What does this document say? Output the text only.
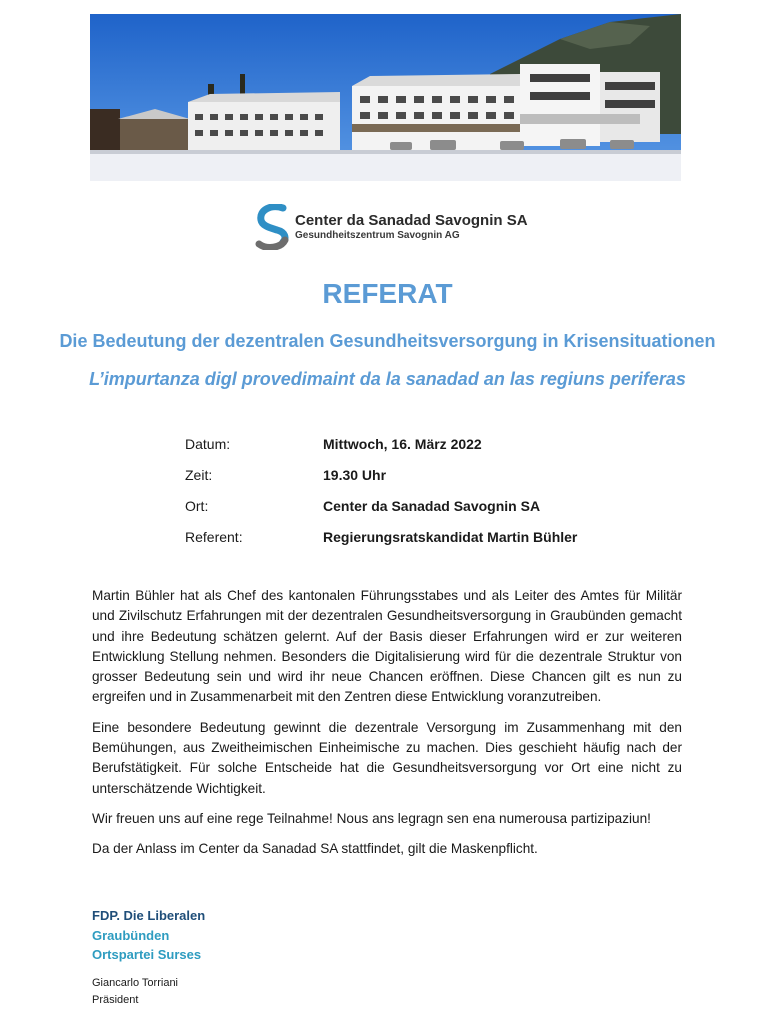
Center da Sanadad Savognin SA
Gesundheitszentrum Savognin AG
REFERAT
Die Bedeutung der dezentralen Gesundheitsversorgung in Krisensituationen
L’impurtanza digl provedimaint da la sanadad an las regiuns periferas
Datum:	Mittwoch, 16. März 2022
Zeit:	19.30 Uhr
Ort:	Center da Sanadad Savognin SA
Referent:	Regierungsratskandidat Martin Bühler

Martin Bühler hat als Chef des kantonalen Führungsstabes und als Leiter des Amtes für Militär und Zivilschutz Erfahrungen mit der dezentralen Gesundheitsversorgung in Graubünden gemacht und ihre Bedeutung schätzen gelernt. Auf der Basis dieser Erfahrungen wird er zur weiteren Entwicklung Stellung nehmen. Besonders die Digitalisierung wird für die dezentrale Struktur von grosser Bedeutung sein und wird ihr neue Chancen eröffnen. Diese Chancen gilt es nun zu ergreifen und in Zusammenarbeit mit den Zentren diese Entwicklung voranzutreiben.

Eine besondere Bedeutung gewinnt die dezentrale Versorgung im Zusammenhang mit den Bemühungen, aus Zweitheimischen Einheimische zu machen. Dies geschieht häufig nach der Berufstätigkeit. Für solche Entscheide hat die Gesundheitsversorgung vor Ort eine nicht zu unterschätzende Wichtigkeit.

Wir freuen uns auf eine rege Teilnahme! Nous ans legragn sen ena numerousa partizipaziun!

Da der Anlass im Center da Sanadad SA stattfindet, gilt die Maskenpflicht.

FDP. Die Liberalen
Graubünden
Ortspartei Surses
Giancarlo Torriani
Präsident
